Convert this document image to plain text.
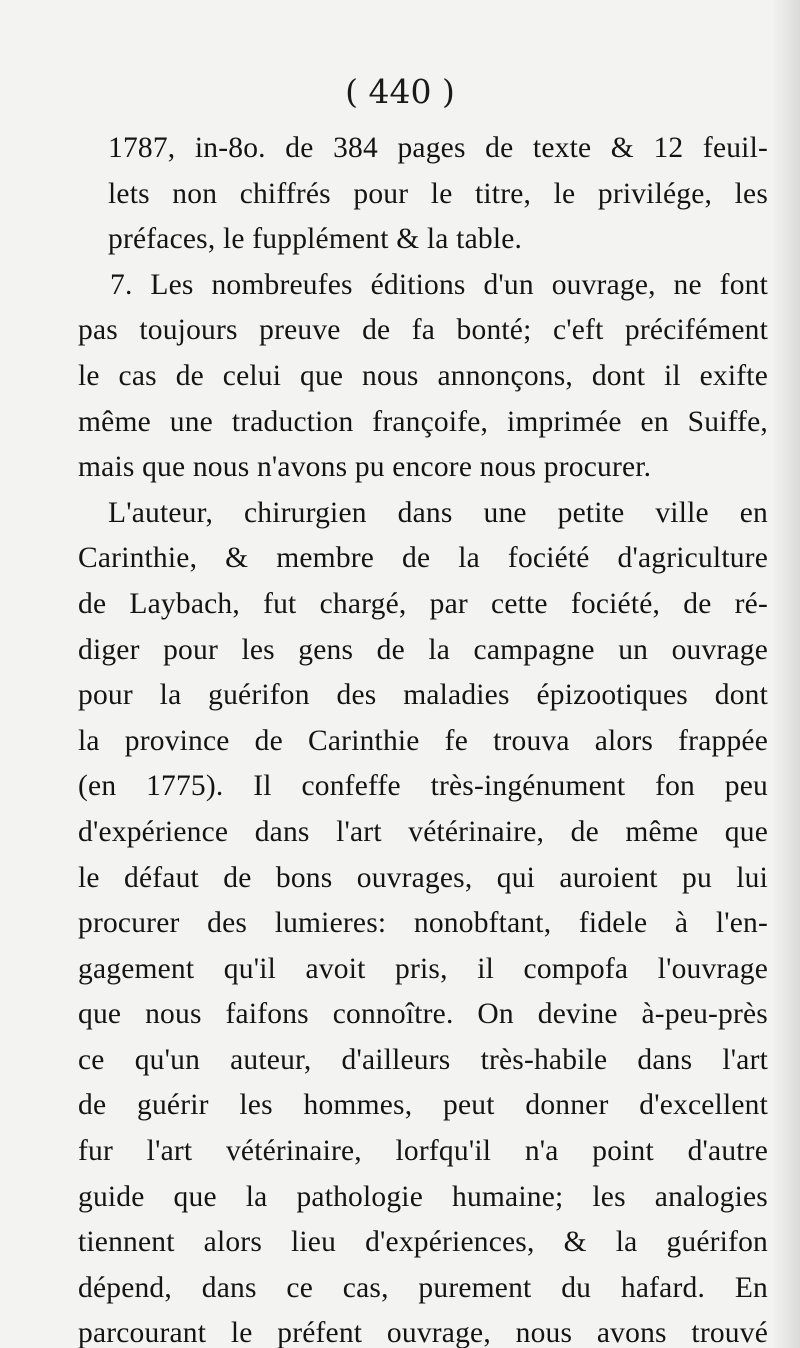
( 440 )
1787, in-8o. de 384 pages de texte & 12 feuil-
lets non chiffrés pour le titre, le privilége, les
préfaces, le fupplément & la table.
7. Les nombreufes éditions d'un ouvrage, ne font
pas toujours preuve de fa bonté; c'eft précifément
le cas de celui que nous annonçons, dont il exifte
même une traduction françoife, imprimée en Suiffe,
mais que nous n'avons pu encore nous procurer.
L'auteur, chirurgien dans une petite ville en
Carinthie, & membre de la fociété d'agriculture
de Laybach, fut chargé, par cette fociété, de ré-
diger pour les gens de la campagne un ouvrage
pour la guérifon des maladies épizootiques dont
la province de Carinthie fe trouva alors frappée
(en 1775). Il confeffe très-ingénument fon peu
d'expérience dans l'art vétérinaire, de même que
le défaut de bons ouvrages, qui auroient pu lui
procurer des lumieres: nonobftant, fidele à l'en-
gagement qu'il avoit pris, il compofa l'ouvrage
que nous faifons connoître. On devine à-peu-près
ce qu'un auteur, d'ailleurs très-habile dans l'art
de guérir les hommes, peut donner d'excellent
fur l'art vétérinaire, lorfqu'il n'a point d'autre
guide que la pathologie humaine; les analogies
tiennent alors lieu d'expériences, & la guérifon
dépend, dans ce cas, purement du hafard. En
parcourant le préfent ouvrage, nous avons trouvé
